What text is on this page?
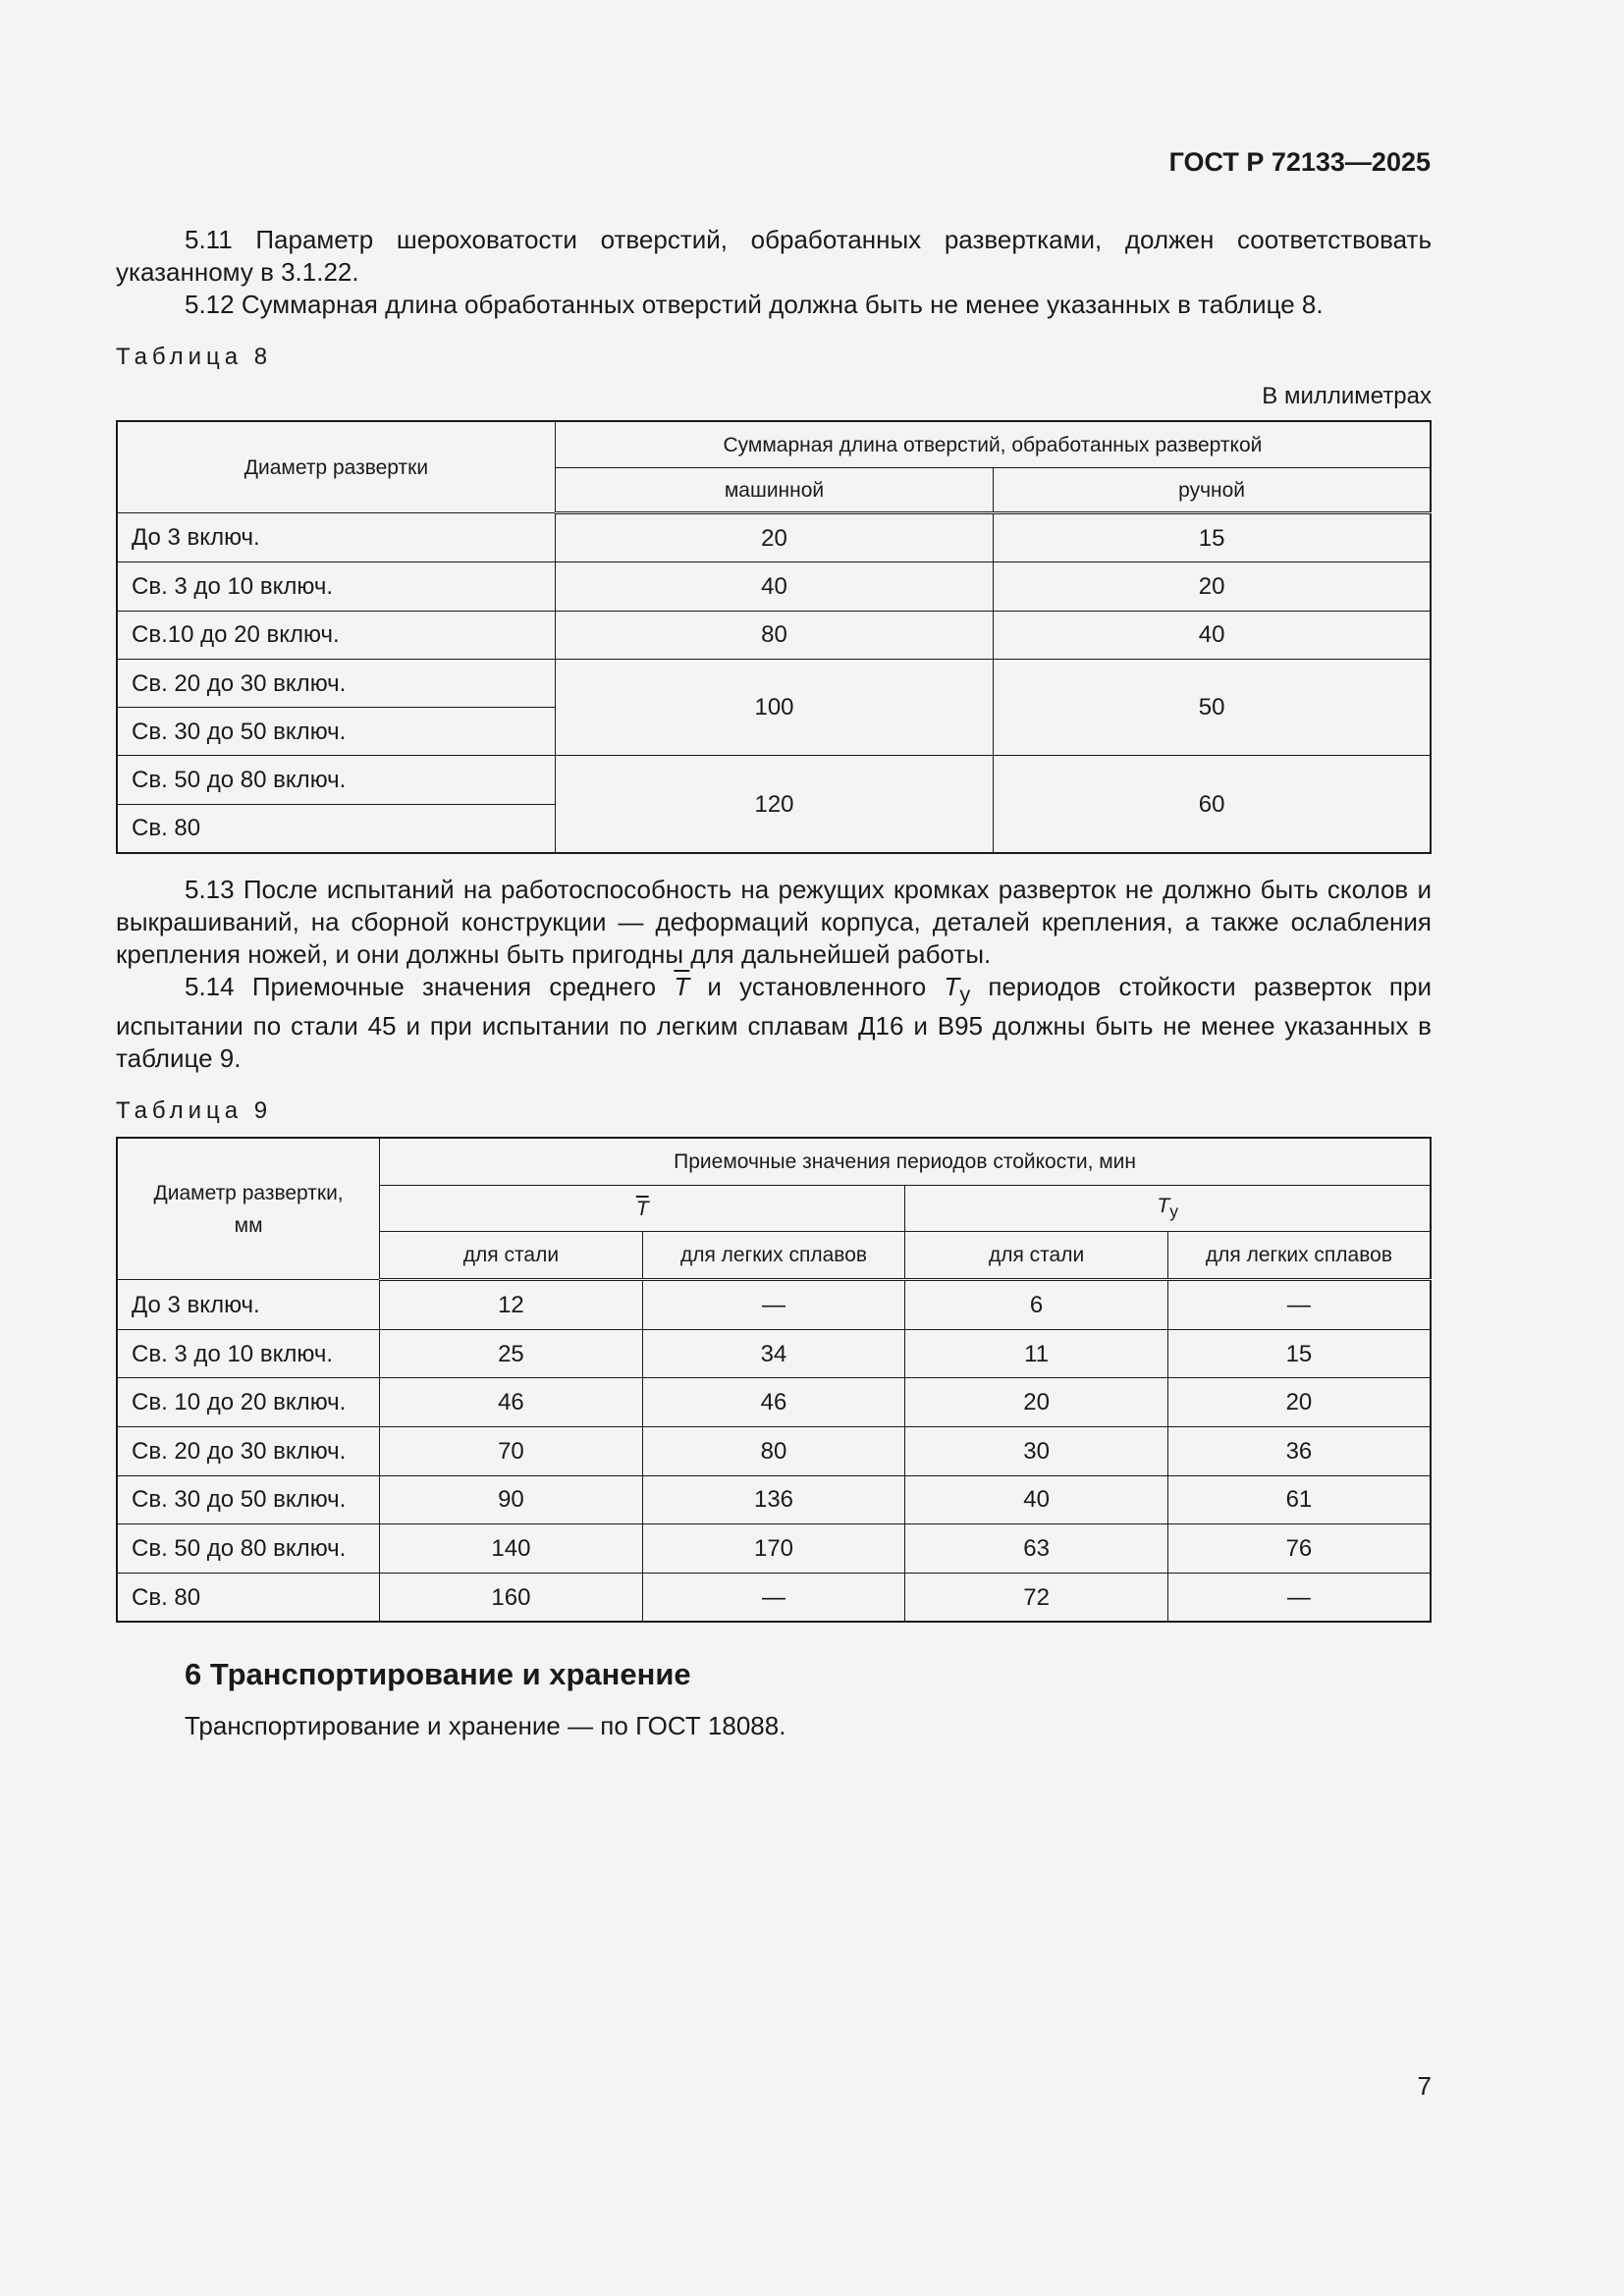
ГОСТ Р 72133—2025

5.11 Параметр шероховатости отверстий, обработанных развертками, должен соответствовать указанному в 3.1.22.

5.12 Суммарная длина обработанных отверстий должна быть не менее указанных в таблице 8.

Таблица 8
В миллиметрах
Диаметр развертки	Суммарная длина отверстий, обработанных разверткой	
	машинной	ручной
До 3 включ.	20	15
Св. 3 до 10 включ.	40	20
Св.10 до 20 включ.	80	40
Св. 20 до 30 включ.	100	50
Св. 30 до 50 включ.		
Св. 50 до 80 включ.	120	60
Св. 80		

5.13 После испытаний на работоспособность на режущих кромках разверток не должно быть сколов и выкрашиваний, на сборной конструкции — деформаций корпуса, деталей крепления, а также ослабления крепления ножей, и они должны быть пригодны для дальнейшей работы.

5.14 Приемочные значения среднего $\overline{T}$ и установленного $T_у$ периодов стойкости разверток при испытании по стали 45 и при испытании по легким сплавам Д16 и В95 должны быть не менее указанных в таблице 9.

Таблица 9
Диаметр развертки,
мм	Приемочные значения периодов стойкости, мин			
	$\overline{T}$		$T_у$
	для стали	для легких сплавов	для стали	для легких сплавов
До 3 включ.	12	—	6	—
Св. 3 до 10 включ.	25	34	11	15
Св. 10 до 20 включ.	46	46	20	20
Св. 20 до 30 включ.	70	80	30	36
Св. 30 до 50 включ.	90	136	40	61
Св. 50 до 80 включ.	140	170	63	76
Св. 80	160	—	72	—
6 Транспортирование и хранение
Транспортирование и хранение — по ГОСТ 18088.
7
